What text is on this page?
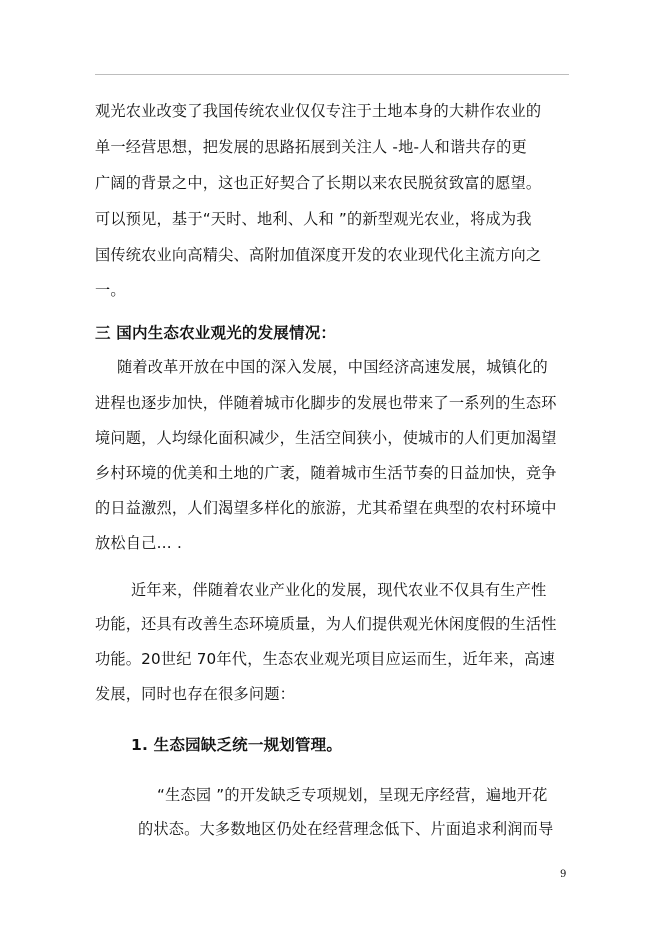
观光农业改变了我国传统农业仅仅专注于土地本身的大耕作农业的
单一经营思想，把发展的思路拓展到关注人 -地-人和谐共存的更
广阔的背景之中，这也正好契合了长期以来农民脱贫致富的愿望。
可以预见，基于“天时、地利、人和 ”的新型观光农业，将成为我
国传统农业向高精尖、高附加值深度开发的农业现代化主流方向之
一。
三 国内生态农业观光的发展情况：
随着改革开放在中国的深入发展，中国经济高速发展，城镇化的
进程也逐步加快，伴随着城市化脚步的发展也带来了一系列的生态环
境问题，人均绿化面积减少，生活空间狭小，使城市的人们更加渴望
乡村环境的优美和土地的广袤，随着城市生活节奏的日益加快，竞争
的日益激烈，人们渴望多样化的旅游，尤其希望在典型的农村环境中
放松自己… .
近年来，伴随着农业产业化的发展，现代农业不仅具有生产性
功能，还具有改善生态环境质量，为人们提供观光休闲度假的生活性
功能。20世纪 70年代，生态农业观光项目应运而生，近年来，高速
发展，同时也存在很多问题：
1. 生态园缺乏统一规划管理。
“生态园 ”的开发缺乏专项规划，呈现无序经营，遍地开花
的状态。大多数地区仍处在经营理念低下、片面追求利润而导
9
